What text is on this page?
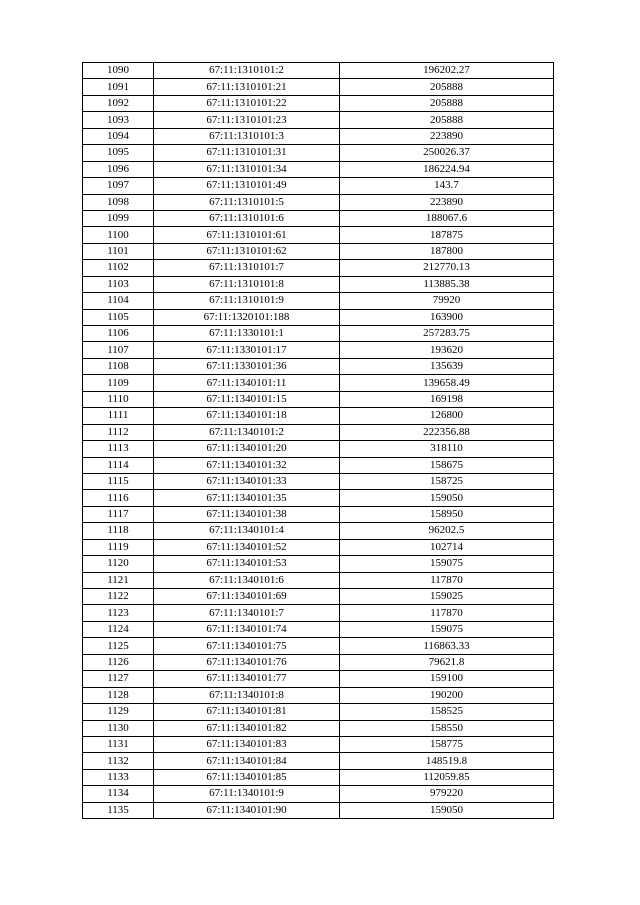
1090	67:11:1310101:2	196202.27
1091	67:11:1310101:21	205888
1092	67:11:1310101:22	205888
1093	67:11:1310101:23	205888
1094	67:11:1310101:3	223890
1095	67:11:1310101:31	250026.37
1096	67:11:1310101:34	186224.94
1097	67:11:1310101:49	143.7
1098	67:11:1310101:5	223890
1099	67:11:1310101:6	188067.6
1100	67:11:1310101:61	187875
1101	67:11:1310101:62	187800
1102	67:11:1310101:7	212770.13
1103	67:11:1310101:8	113885.38
1104	67:11:1310101:9	79920
1105	67:11:1320101:188	163900
1106	67:11:1330101:1	257283.75
1107	67:11:1330101:17	193620
1108	67:11:1330101:36	135639
1109	67:11:1340101:11	139658.49
1110	67:11:1340101:15	169198
1111	67:11:1340101:18	126800
1112	67:11:1340101:2	222356.88
1113	67:11:1340101:20	318110
1114	67:11:1340101:32	158675
1115	67:11:1340101:33	158725
1116	67:11:1340101:35	159050
1117	67:11:1340101:38	158950
1118	67:11:1340101:4	96202.5
1119	67:11:1340101:52	102714
1120	67:11:1340101:53	159075
1121	67:11:1340101:6	117870
1122	67:11:1340101:69	159025
1123	67:11:1340101:7	117870
1124	67:11:1340101:74	159075
1125	67:11:1340101:75	116863.33
1126	67:11:1340101:76	79621.8
1127	67:11:1340101:77	159100
1128	67:11:1340101:8	190200
1129	67:11:1340101:81	158525
1130	67:11:1340101:82	158550
1131	67:11:1340101:83	158775
1132	67:11:1340101:84	148519.8
1133	67:11:1340101:85	112059.85
1134	67:11:1340101:9	979220
1135	67:11:1340101:90	159050
